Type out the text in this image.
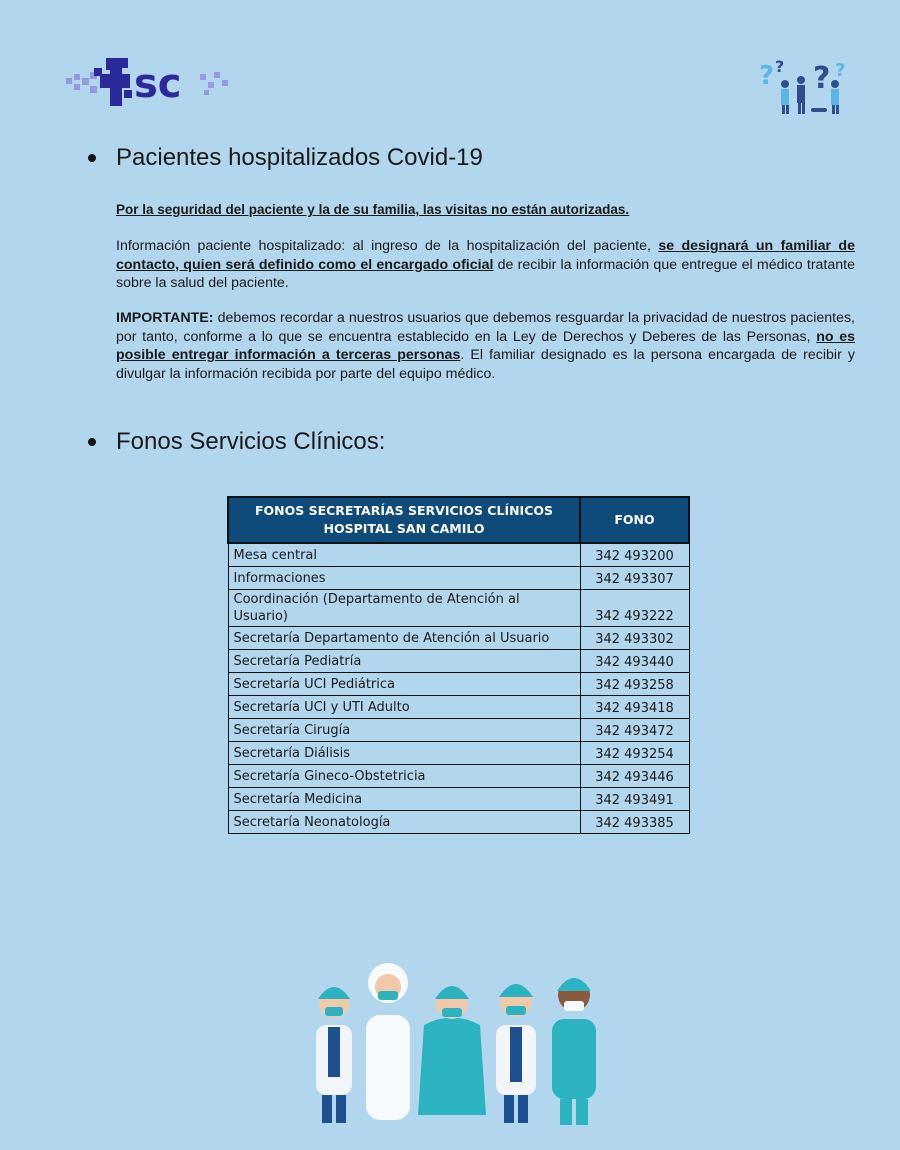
sc	? ? ? ?
Pacientes hospitalizados Covid-19
Por la seguridad del paciente y la de su familia, las visitas no están autorizadas.
Información paciente hospitalizado: al ingreso de la hospitalización del paciente, se designará un familiar de contacto, quien será definido como el encargado oficial de recibir la información que entregue el médico tratante sobre la salud del paciente.
IMPORTANTE: debemos recordar a nuestros usuarios que debemos resguardar la privacidad de nuestros pacientes, por tanto, conforme a lo que se encuentra establecido en la Ley de Derechos y Deberes de las Personas, no es posible entregar información a terceras personas. El familiar designado es la persona encargada de recibir y divulgar la información recibida por parte del equipo médico.
Fonos Servicios Clínicos:
FONOS SECRETARÍAS SERVICIOS CLÍNICOS
HOSPITAL SAN CAMILO	FONO
Mesa central	342 493200
Informaciones	342 493307
Coordinación (Departamento de Atención al Usuario)	342 493222
Secretaría Departamento de Atención al Usuario	342 493302
Secretaría Pediatría	342 493440
Secretaría UCI Pediátrica	342 493258
Secretaría UCI y UTI Adulto	342 493418
Secretaría Cirugía	342 493472
Secretaría Diálisis	342 493254
Secretaría Gineco-Obstetricia	342 493446
Secretaría Medicina	342 493491
Secretaría Neonatología	342 493385
